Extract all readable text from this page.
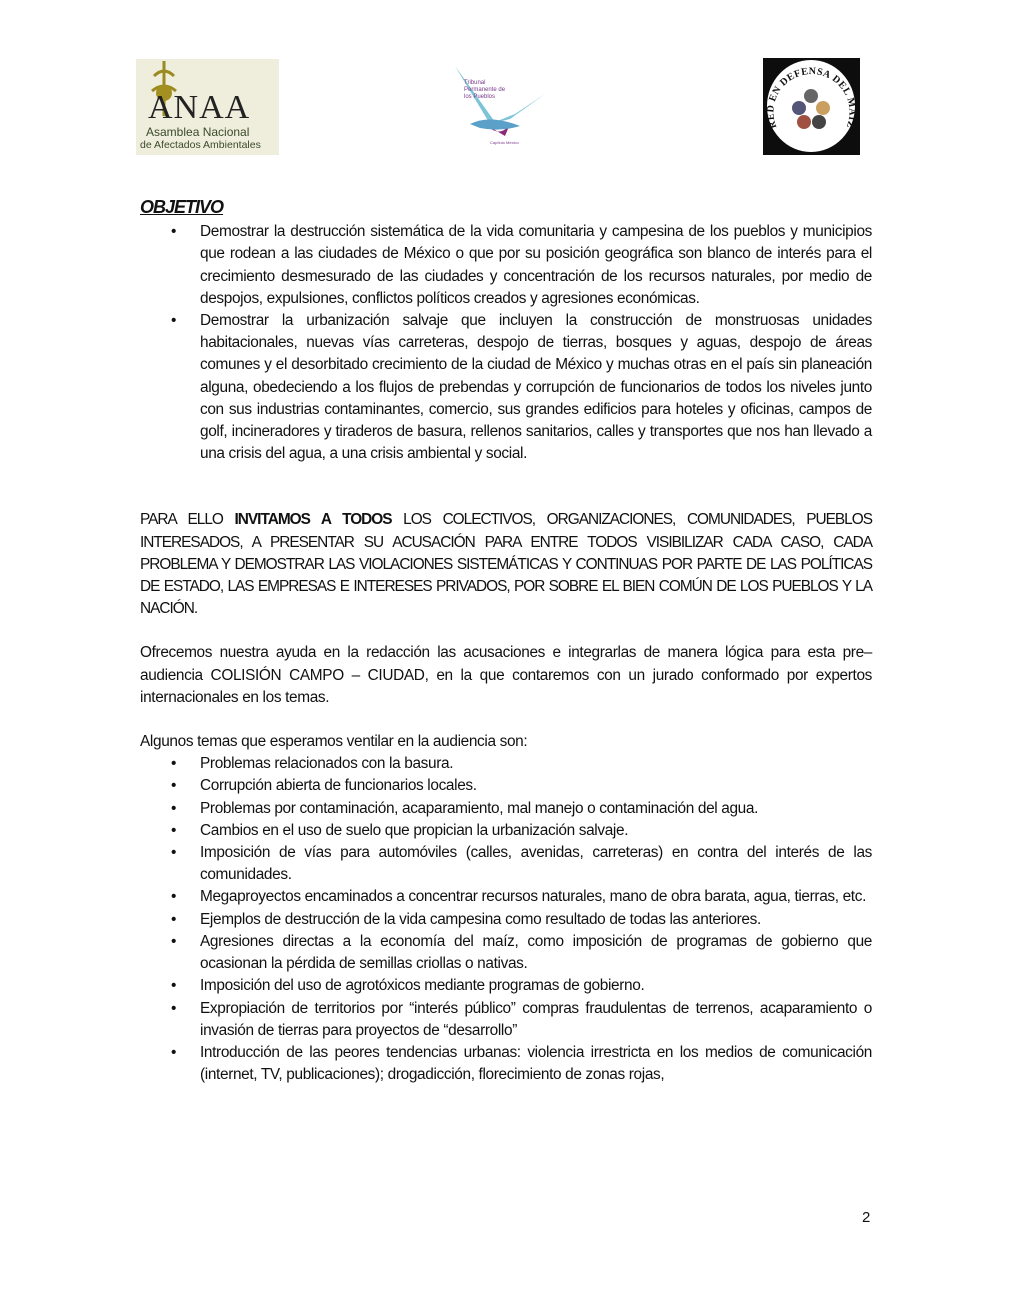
ANAA
Asamblea Nacional
de Afectados Ambientales
Tribunal Permanente de los Pueblos
Capítulo México
RED EN DEFENSA DEL MAÍZ
OBJETIVO
• Demostrar la destrucción sistemática de la vida comunitaria y campesina de los pueblos y municipios que rodean a las ciudades de México o que por su posición geográfica son blanco de interés para el crecimiento desmesurado de las ciudades y concentración de los recursos naturales, por medio de despojos, expulsiones, conflictos políticos creados y agresiones económicas.
• Demostrar la urbanización salvaje que incluyen la construcción de monstruosas unidades habitacionales, nuevas vías carreteras, despojo de tierras, bosques y aguas, despojo de áreas comunes y el desorbitado crecimiento de la ciudad de México y muchas otras en el país sin planeación alguna, obedeciendo a los flujos de prebendas y corrupción de funcionarios de todos los niveles junto con sus industrias contaminantes, comercio, sus grandes edificios para hoteles y oficinas, campos de golf, incineradores y tiraderos de basura, rellenos sanitarios, calles y transportes que nos han llevado a una crisis del agua, a una crisis ambiental y social.

PARA ELLO INVITAMOS A TODOS LOS COLECTIVOS, ORGANIZACIONES, COMUNIDADES, PUEBLOS INTERESADOS, A PRESENTAR SU ACUSACIÓN PARA ENTRE TODOS VISIBILIZAR CADA CASO, CADA PROBLEMA Y DEMOSTRAR LAS VIOLACIONES SISTEMÁTICAS Y CONTINUAS POR PARTE DE LAS POLÍTICAS DE ESTADO, LAS EMPRESAS E INTERESES PRIVADOS, POR SOBRE EL BIEN COMÚN DE LOS PUEBLOS Y LA NACIÓN.

Ofrecemos nuestra ayuda en la redacción las acusaciones e integrarlas de manera lógica para esta pre–audiencia COLISIÓN CAMPO – CIUDAD, en la que contaremos con un jurado conformado por expertos internacionales en los temas.

Algunos temas que esperamos ventilar en la audiencia son:

• Problemas relacionados con la basura.
• Corrupción abierta de funcionarios locales.
• Problemas por contaminación, acaparamiento, mal manejo o contaminación del agua.
• Cambios en el uso de suelo que propician la urbanización salvaje.
• Imposición de vías para automóviles (calles, avenidas, carreteras) en contra del interés de las comunidades.
• Megaproyectos encaminados a concentrar recursos naturales, mano de obra barata, agua, tierras, etc.
• Ejemplos de destrucción de la vida campesina como resultado de todas las anteriores.
• Agresiones directas a la economía del maíz, como imposición de programas de gobierno que ocasionan la pérdida de semillas criollas o nativas.
• Imposición del uso de agrotóxicos mediante programas de gobierno.
• Expropiación de territorios por “interés público” compras fraudulentas de terrenos, acaparamiento o invasión de tierras para proyectos de “desarrollo”
• Introducción de las peores tendencias urbanas: violencia irrestricta en los medios de comunicación (internet, TV, publicaciones); drogadicción, florecimiento de zonas rojas,
2
